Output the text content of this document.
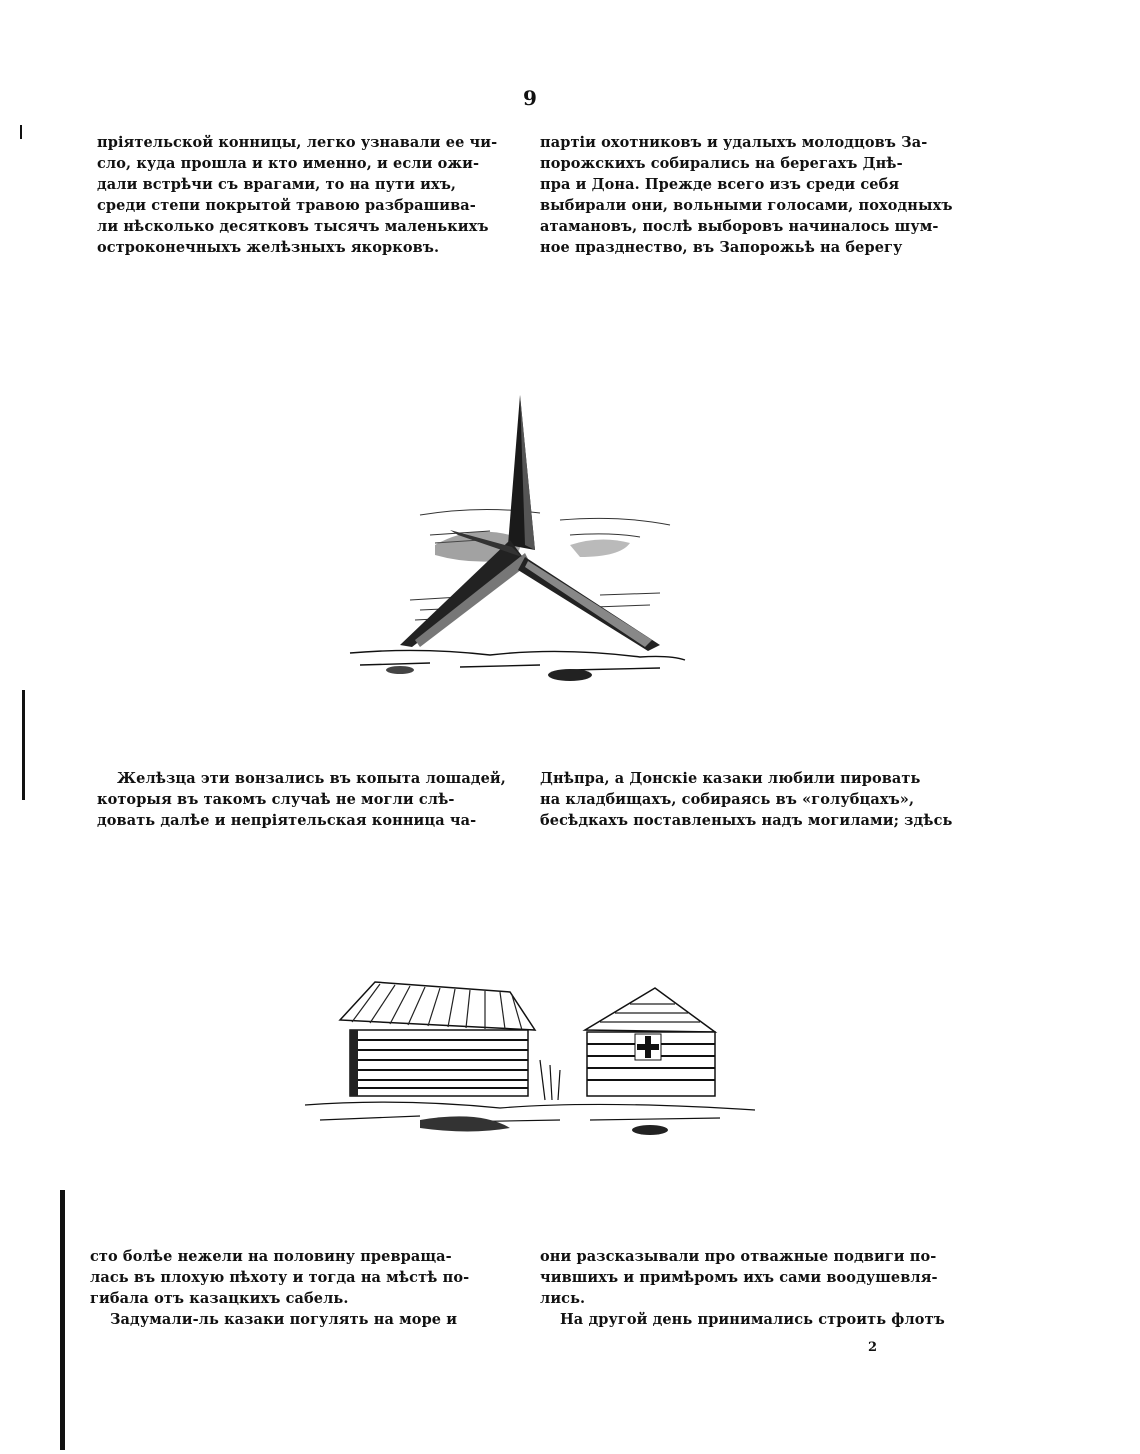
9
пріятельской конницы, легко узнавали ее чи-
сло, куда прошла и кто именно, и если ожи-
дали встрѣчи съ врагами, то на пути ихъ,
среди степи покрытой травою разбрашива-
ли нѣсколько десятковъ тысячъ маленькихъ
остроконечныхъ желѣзныхъ якорковъ.
партіи охотниковъ и удалыхъ молодцовъ За-
порожскихъ собирались на берегахъ Днѣ-
пра и Дона. Прежде всего изъ среди себя
выбирали они, вольными голосами, походныхъ
атамановъ, послѣ выборовъ начиналось шум-
ное празднество, въ Запорожьѣ на берегу
Желѣзца эти вонзались въ копыта лошадей,
которыя въ такомъ случаѣ не могли слѣ-
довать далѣе и непріятельская конница ча-
Днѣпра, а Донскіе казаки любили пировать
на кладбищахъ, собираясь въ «голубцахъ»,
бесѣдкахъ поставленыхъ надъ могилами; здѣсь
сто болѣе нежели на половину превраща-
лась въ плохую пѣхоту и тогда на мѣстѣ по-
гибала отъ казацкихъ сабель.
Задумали-ль казаки погулять на море и
они разсказывали про отважные подвиги по-
чившихъ и примѣромъ ихъ сами воодушевля-
лись.
На другой день принимались строить флотъ
2
